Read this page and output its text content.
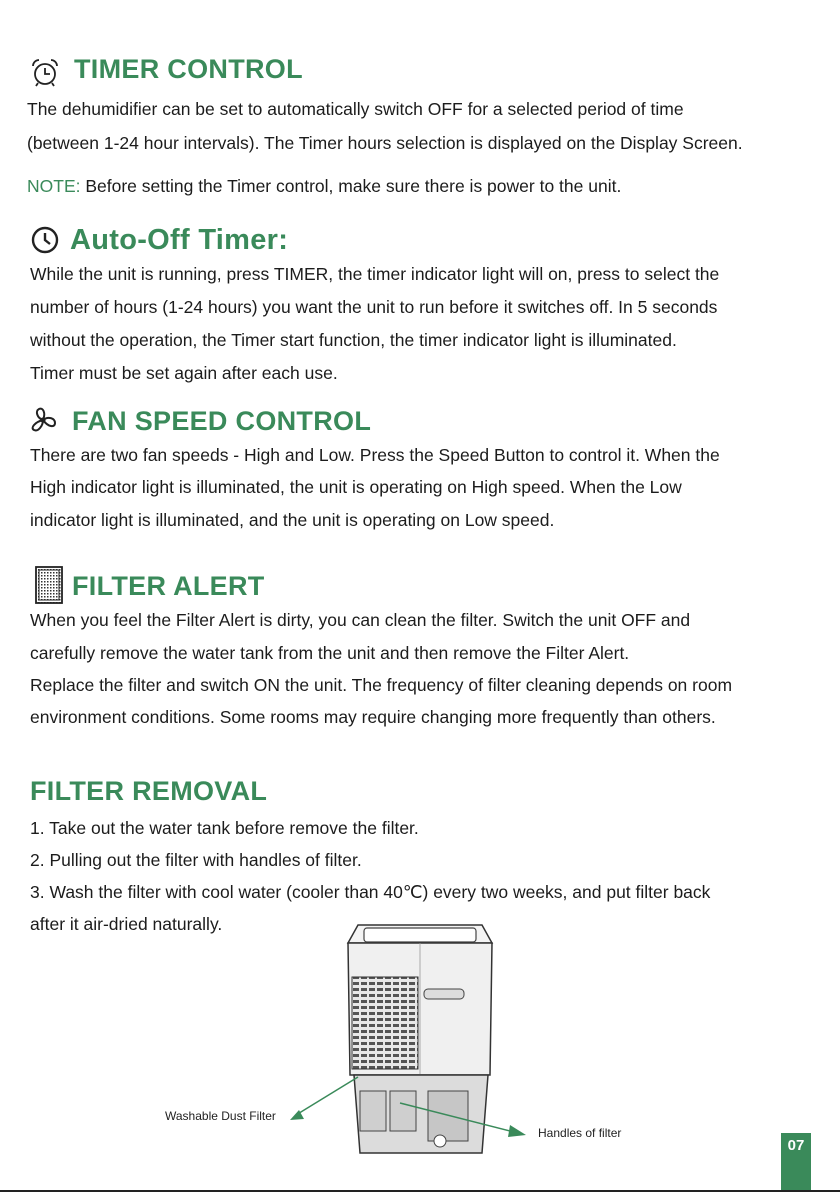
TIMER CONTROL
The dehumidifier can be set to automatically switch OFF for a selected period of time
(between 1-24 hour intervals). The Timer hours selection is displayed on the Display Screen.
NOTE: Before setting the Timer control, make sure there is power to the unit.
Auto-Off Timer:
While the unit is running, press TIMER, the timer indicator light will on, press to select the
number of hours (1-24 hours) you want the unit to run before it switches off. In 5 seconds
without the operation, the Timer start function, the timer indicator light is illuminated.
Timer must be set again after each use.
FAN SPEED CONTROL
There are two fan speeds - High and Low. Press the Speed Button to control it. When the
High indicator light is illuminated, the unit is operating on High speed. When the Low
indicator light is illuminated, and the unit is operating on Low speed.
FILTER ALERT
When you feel the Filter Alert is dirty, you can clean the filter. Switch the unit OFF and
carefully remove the water tank from the unit and then remove the Filter Alert.
Replace the filter and switch ON the unit. The frequency of filter cleaning depends on room
environment conditions. Some rooms may require changing more frequently than others.
FILTER REMOVAL
1. Take out the water tank before remove the filter.
2. Pulling out the filter with handles of filter.
3. Wash the filter with cool water (cooler than 40℃) every two weeks, and put filter back
after it air-dried naturally.
Washable Dust Filter
Handles of filter
07
